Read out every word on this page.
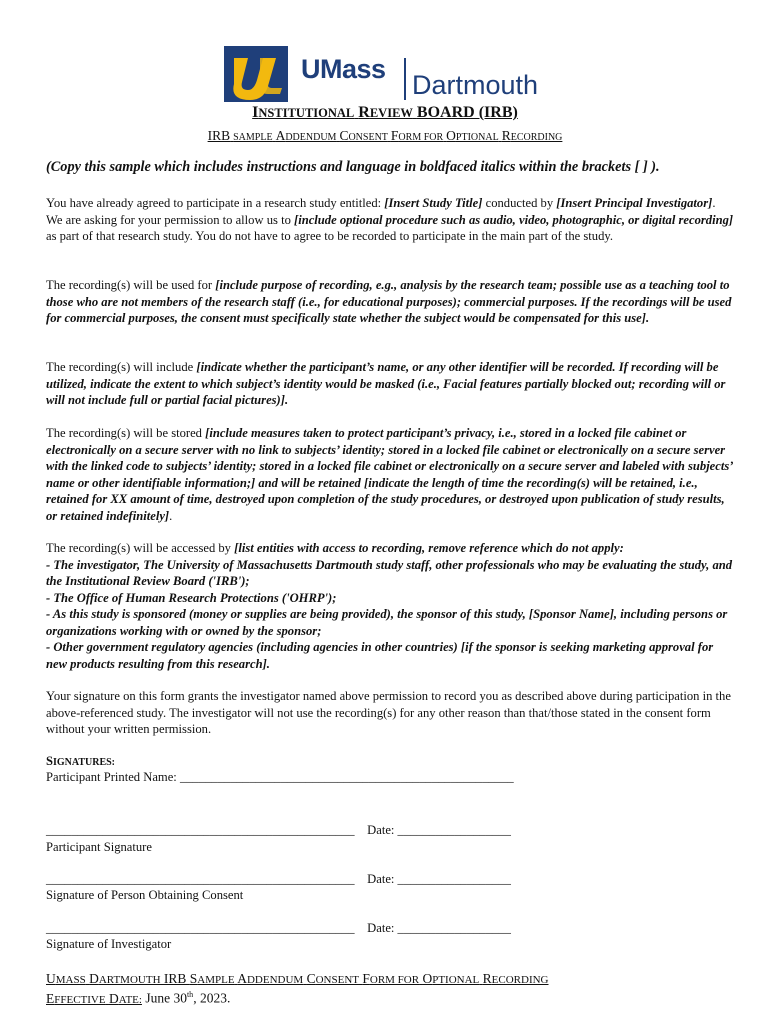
UMass
Dartmouth
INSTITUTIONAL REVIEW BOARD (IRB)
IRB SAMPLE ADDENDUM CONSENT FORM FOR OPTIONAL RECORDING
(Copy this sample which includes instructions and language in boldfaced italics within the brackets [ ] ).
You have already agreed to participate in a research study entitled: [Insert Study Title] conducted by [Insert Principal Investigator]. We are asking for your permission to allow us to [include optional procedure such as audio, video, photographic, or digital recording] as part of that research study. You do not have to agree to be recorded to participate in the main part of the study.
The recording(s) will be used for [include purpose of recording, e.g., analysis by the research team; possible use as a teaching tool to those who are not members of the research staff (i.e., for educational purposes); commercial purposes. If the recordings will be used for commercial purposes, the consent must specifically state whether the subject would be compensated for this use].
The recording(s) will include [indicate whether the participant’s name, or any other identifier will be recorded. If recording will be utilized, indicate the extent to which subject’s identity would be masked (i.e., Facial features partially blocked out; recording will or will not include full or partial facial pictures)].
The recording(s) will be stored [include measures taken to protect participant’s privacy, i.e., stored in a locked file cabinet or electronically on a secure server with no link to subjects’ identity; stored in a locked file cabinet or electronically on a secure server with the linked code to subjects’ identity; stored in a locked file cabinet or electronically on a secure server and labeled with subjects’ name or other identifiable information;] and will be retained [indicate the length of time the recording(s) will be retained, i.e., retained for XX amount of time, destroyed upon completion of the study procedures, or destroyed upon publication of study results, or retained indefinitely].
The recording(s) will be accessed by [list entities with access to recording, remove reference which do not apply:
- The investigator, The University of Massachusetts Dartmouth study staff, other professionals who may be evaluating the study, and the Institutional Review Board ('IRB');
- The Office of Human Research Protections ('OHRP');
- As this study is sponsored (money or supplies are being provided), the sponsor of this study, [Sponsor Name], including persons or organizations working with or owned by the sponsor;
- Other government regulatory agencies (including agencies in other countries) [if the sponsor is seeking marketing approval for new products resulting from this research].
Your signature on this form grants the investigator named above permission to record you as described above during participation in the above-referenced study. The investigator will not use the recording(s) for any other reason than that/those stated in the consent form without your written permission.
SIGNATURES:
Participant Printed Name: _____________________________________________________
_________________________________________________    Date: __________________
Participant Signature
_________________________________________________    Date: __________________
Signature of Person Obtaining Consent
_________________________________________________    Date: __________________
Signature of Investigator
UMASS DARTMOUTH IRB SAMPLE ADDENDUM CONSENT FORM FOR OPTIONAL RECORDING
EFFECTIVE DATE: June 30th, 2023.
